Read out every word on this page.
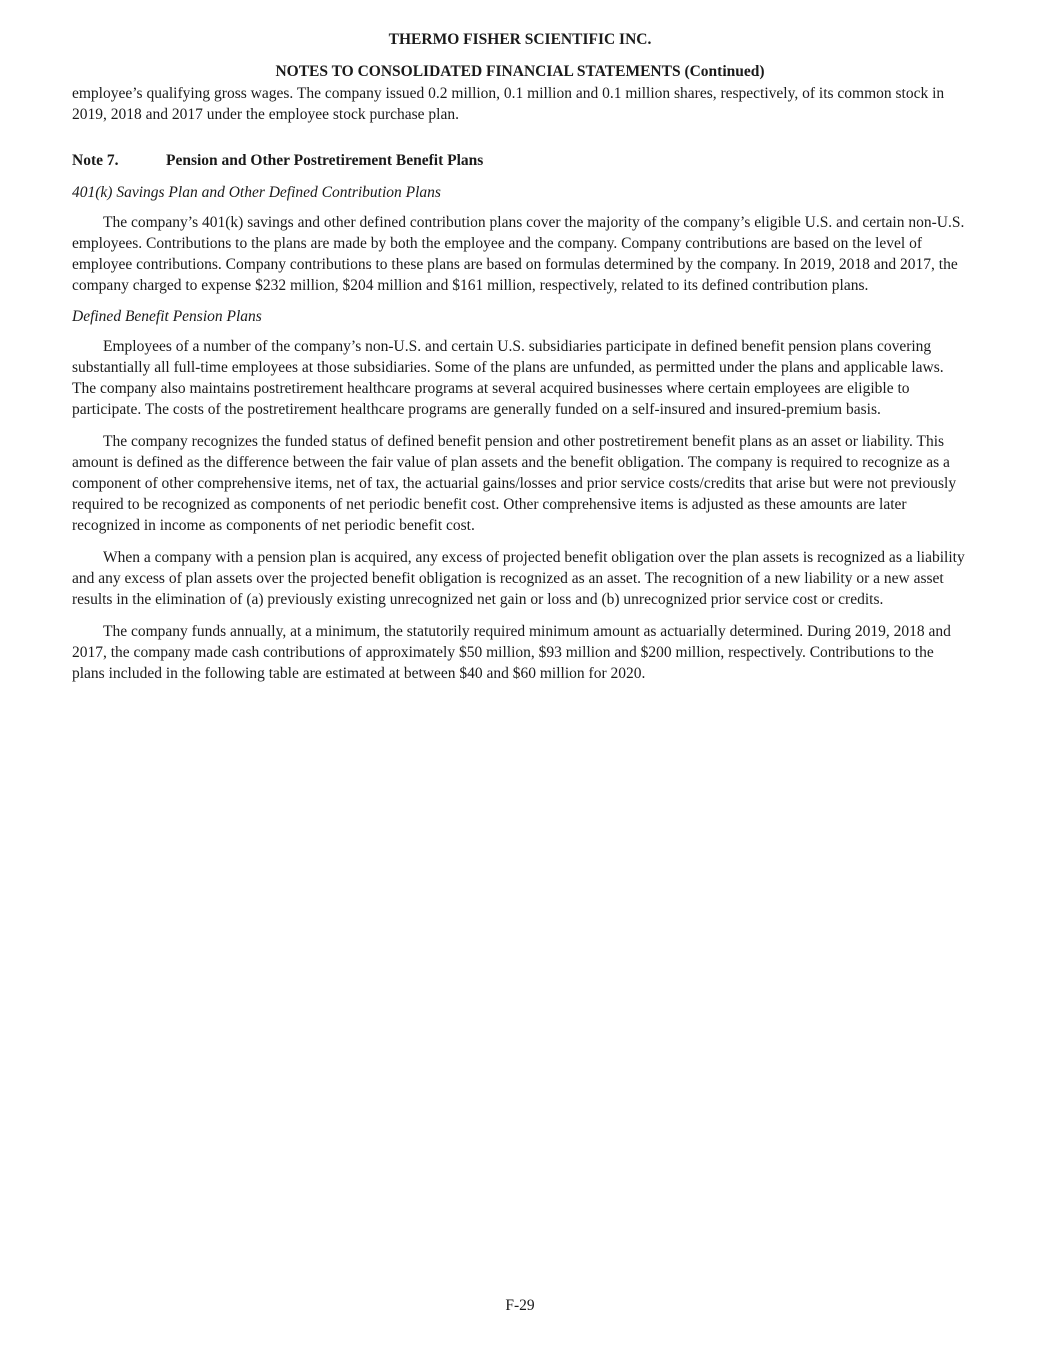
THERMO FISHER SCIENTIFIC INC.

NOTES TO CONSOLIDATED FINANCIAL STATEMENTS (Continued)

employee’s qualifying gross wages. The company issued 0.2 million, 0.1 million and 0.1 million shares, respectively, of its common stock in 2019, 2018 and 2017 under the employee stock purchase plan.

Note 7.	Pension and Other Postretirement Benefit Plans

401(k) Savings Plan and Other Defined Contribution Plans

The company’s 401(k) savings and other defined contribution plans cover the majority of the company’s eligible U.S. and certain non-U.S. employees. Contributions to the plans are made by both the employee and the company. Company contributions are based on the level of employee contributions. Company contributions to these plans are based on formulas determined by the company. In 2019, 2018 and 2017, the company charged to expense $232 million, $204 million and $161 million, respectively, related to its defined contribution plans.

Defined Benefit Pension Plans

Employees of a number of the company’s non-U.S. and certain U.S. subsidiaries participate in defined benefit pension plans covering substantially all full-time employees at those subsidiaries. Some of the plans are unfunded, as permitted under the plans and applicable laws. The company also maintains postretirement healthcare programs at several acquired businesses where certain employees are eligible to participate. The costs of the postretirement healthcare programs are generally funded on a self-insured and insured-premium basis.

The company recognizes the funded status of defined benefit pension and other postretirement benefit plans as an asset or liability. This amount is defined as the difference between the fair value of plan assets and the benefit obligation. The company is required to recognize as a component of other comprehensive items, net of tax, the actuarial gains/losses and prior service costs/credits that arise but were not previously required to be recognized as components of net periodic benefit cost. Other comprehensive items is adjusted as these amounts are later recognized in income as components of net periodic benefit cost.

When a company with a pension plan is acquired, any excess of projected benefit obligation over the plan assets is recognized as a liability and any excess of plan assets over the projected benefit obligation is recognized as an asset. The recognition of a new liability or a new asset results in the elimination of (a) previously existing unrecognized net gain or loss and (b) unrecognized prior service cost or credits.

The company funds annually, at a minimum, the statutorily required minimum amount as actuarially determined. During 2019, 2018 and 2017, the company made cash contributions of approximately $50 million, $93 million and $200 million, respectively. Contributions to the plans included in the following table are estimated at between $40 and $60 million for 2020.

F-29
